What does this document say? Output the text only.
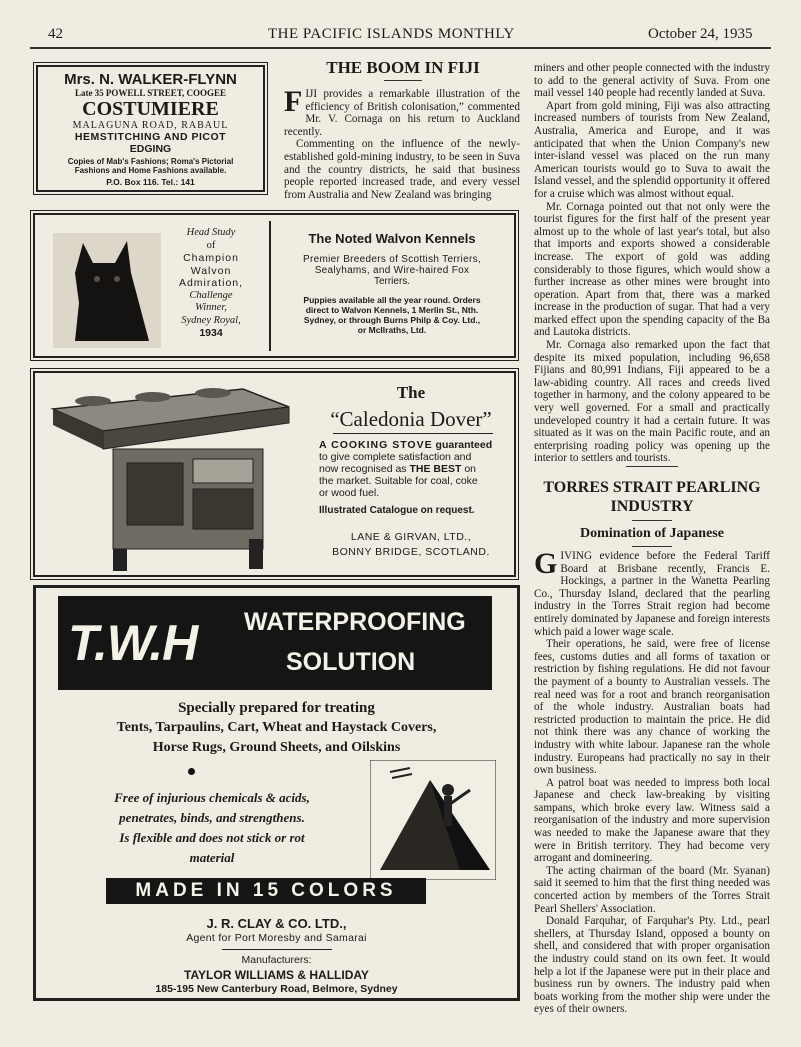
42	THE PACIFIC ISLANDS MONTHLY	October 24, 1935
Mrs. N. WALKER-FLYNN
Late 35 POWELL STREET, COOGEE
COSTUMIERE
MALAGUNA ROAD, RABAUL
HEMSTITCHING AND PICOT
EDGING
Copies of Mab's Fashions; Roma's Pictorial
Fashions and Home Fashions available.
P.O. Box 116. Tel.: 141
THE BOOM IN FIJI

FIJI provides a remarkable illustration of the efficiency of British colonisation,” commented Mr. V. Cornaga on his return to Auckland recently.

Commenting on the influence of the newly-established gold-mining industry, to be seen in Suva and the country districts, he said that business people reported increased trade, and every vessel from Australia and New Zealand was bringing

miners and other people connected with the industry to add to the general activity of Suva. From one mail vessel 140 people had recently landed at Suva.

Apart from gold mining, Fiji was also attracting increased numbers of tourists from New Zealand, Australia, America and Europe, and it was anticipated that when the Union Company's new inter-island vessel was placed on the run many American tourists would go to Suva to await the Island vessel, and the splendid opportunity it offered for a cruise which was almost without equal.

Mr. Cornaga pointed out that not only were the tourist figures for the first half of the present year almost up to the whole of last year's total, but also that imports and exports showed a considerable increase. The export of gold was adding considerably to those figures, which would show a further increase as other mines were brought into operation. Apart from that, there was a marked increase in the production of sugar. That had a very marked effect upon the spending capacity of the Ba and Lautoka districts.

Mr. Cornaga also remarked upon the fact that despite its mixed population, including 96,658 Fijians and 80,991 Indians, Fiji appeared to be a law-abiding country. All races and creeds lived together in harmony, and the colony appeared to be very well governed. For a small and practically undeveloped country it had a certain future. It was situated as it was on the main Pacific route, and an enterprising roading policy was opening up the interior to settlers and tourists.

TORRES STRAIT PEARLING
INDUSTRY
Domination of Japanese

GIVING evidence before the Federal Tariff Board at Brisbane recently, Francis E. Hockings, a partner in the Wanetta Pearling Co., Thursday Island, declared that the pearling industry in the Torres Strait region had become entirely dominated by Japanese and foreign interests which paid a lower wage scale.

Their operations, he said, were free of license fees, customs duties and all forms of taxation or restriction by fishing regulations. He did not favour the payment of a bounty to Australian vessels. The real need was for a root and branch reorganisation of the whole industry. Australian boats had restricted production to maintain the price. He did not think there was any chance of working the industry with white labour. Japanese ran the whole industry. Europeans had practically no say in their own business.

A patrol boat was needed to impress both local Japanese and check law-breaking by visiting sampans, which broke every law. Witness said a reorganisation of the industry and more supervision was needed to make the Japanese aware that they were in British territory. They had become very arrogant and domineering.

The acting chairman of the board (Mr. Syanan) said it seemed to him that the first thing needed was concerted action by members of the Torres Strait Pearl Shellers' Association.

Donald Farquhar, of Farquhar's Pty. Ltd., pearl shellers, at Thursday Island, opposed a bounty on shell, and considered that with proper organisation the industry could stand on its own feet. It would help a lot if the Japanese were put in their place and business run by owners. The industry paid when boats working from the mother ship were under the eyes of their owners.

Head Study
of
Champion
Walvon
Admiration,
Challenge
Winner,
Sydney Royal,
1934
The Noted Walvon Kennels
Premier Breeders of Scottish Terriers,
Sealyhams, and Wire-haired Fox
Terriers.
Puppies available all the year round. Orders
direct to Walvon Kennels, 1 Merlin St., Nth.
Sydney, or through Burns Philp & Coy. Ltd.,
or McIlraths, Ltd.
The
“Caledonia Dover”
A COOKING STOVE guaranteed
to give complete satisfaction and
now recognised as THE BEST on
the market. Suitable for coal, coke
or wood fuel.
Illustrated Catalogue on request.
LANE & GIRVAN, LTD.,
BONNY BRIDGE, SCOTLAND.
T.W.H WATERPROOFING
SOLUTION
Specially prepared for treating
Tents, Tarpaulins, Cart, Wheat and Haystack Covers,
Horse Rugs, Ground Sheets, and Oilskins
Free of injurious chemicals & acids,
penetrates, binds, and strengthens.
Is flexible and does not stick or rot
material
MADE IN 15 COLORS
J. R. CLAY & CO. LTD.,
Agent for Port Moresby and Samarai
Manufacturers:
TAYLOR WILLIAMS & HALLIDAY
185-195 New Canterbury Road, Belmore, Sydney
